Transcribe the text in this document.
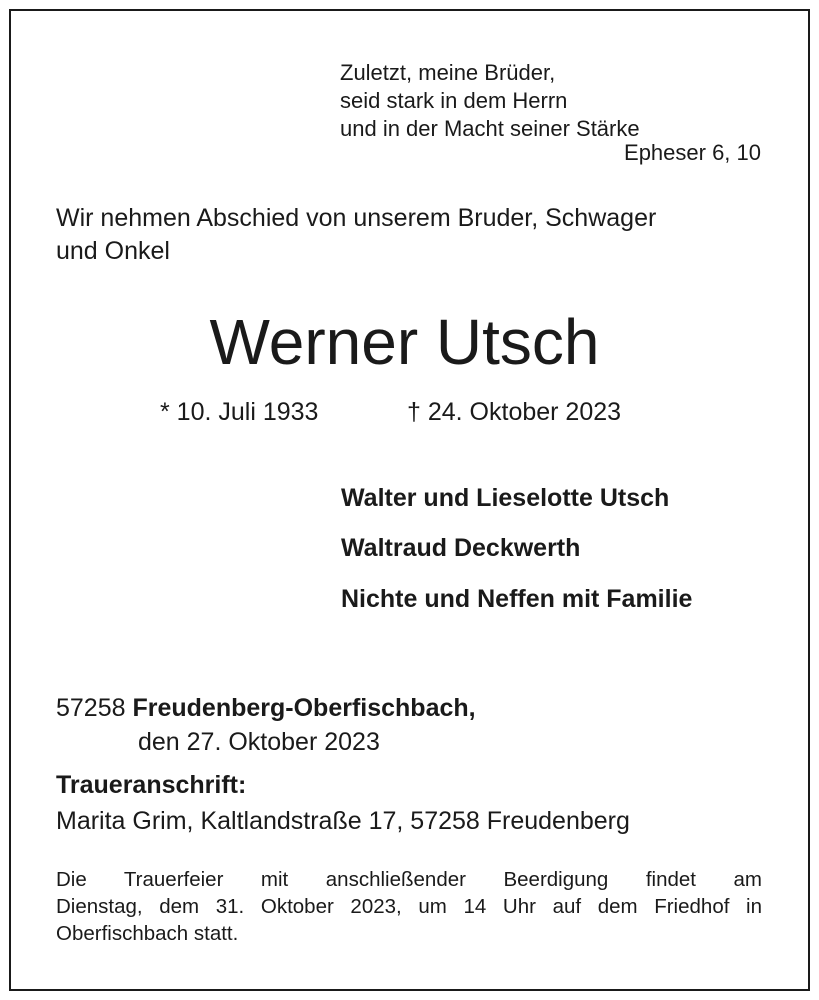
Zuletzt, meine Brüder,
seid stark in dem Herrn
und in der Macht seiner Stärke
Epheser 6, 10
Wir nehmen Abschied von unserem Bruder, Schwager
und Onkel
Werner Utsch
* 10. Juli 1933	† 24. Oktober 2023
Walter und Lieselotte Utsch
Waltraud Deckwerth
Nichte und Neffen mit Familie
57258 Freudenberg-Oberfischbach,
den 27. Oktober 2023
Traueranschrift:
Marita Grim, Kaltlandstraße 17, 57258 Freudenberg
Die Trauerfeier mit anschließender Beerdigung findet am
Dienstag, dem 31. Oktober 2023, um 14 Uhr auf dem Friedhof in
Oberfischbach statt.
